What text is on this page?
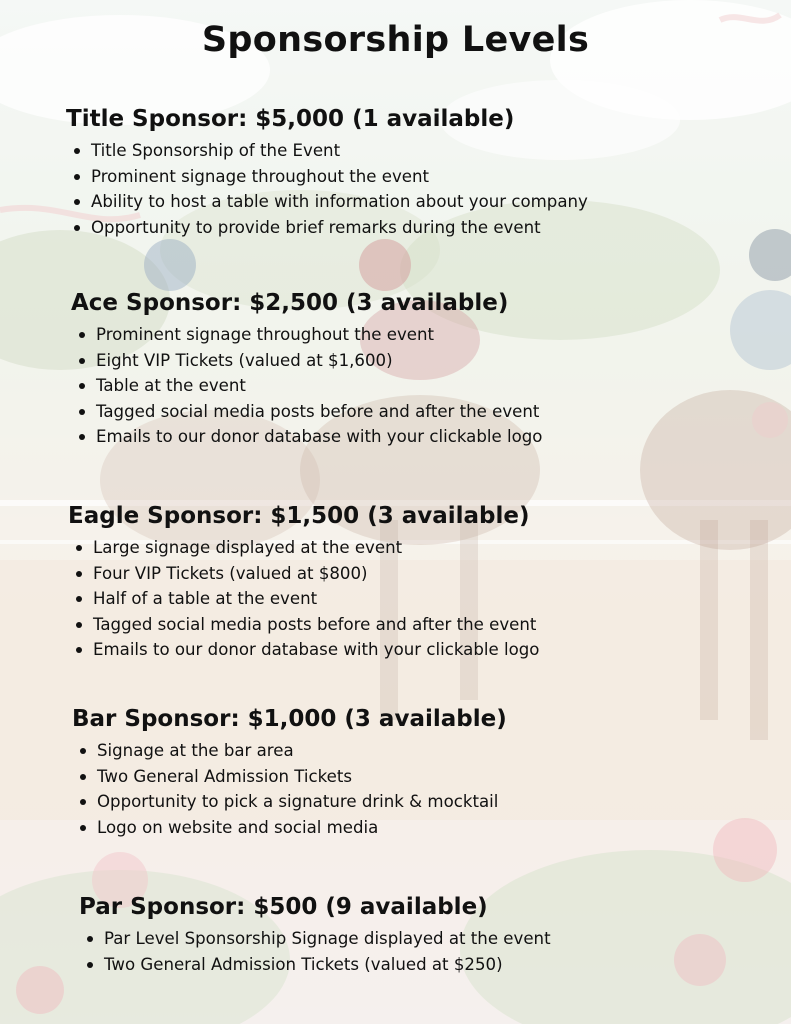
Sponsorship Levels
Title Sponsor: $5,000 (1 available)
Title Sponsorship of the Event
Prominent signage throughout the event
Ability to host a table with information about your company
Opportunity to provide brief remarks during the event
Ace Sponsor: $2,500 (3 available)
Prominent signage throughout the event
Eight VIP Tickets (valued at $1,600)
Table at the event
Tagged social media posts before and after the event
Emails to our donor database with your clickable logo
Eagle Sponsor: $1,500 (3 available)
Large signage displayed at the event
Four VIP Tickets (valued at $800)
Half of a table at the event
Tagged social media posts before and after the event
Emails to our donor database with your clickable logo
Bar Sponsor: $1,000 (3 available)
Signage at the bar area
Two General Admission Tickets
Opportunity to pick a signature drink & mocktail
Logo on website and social media
Par Sponsor: $500 (9 available)
Par Level Sponsorship Signage displayed at the event
Two General Admission Tickets (valued at $250)
